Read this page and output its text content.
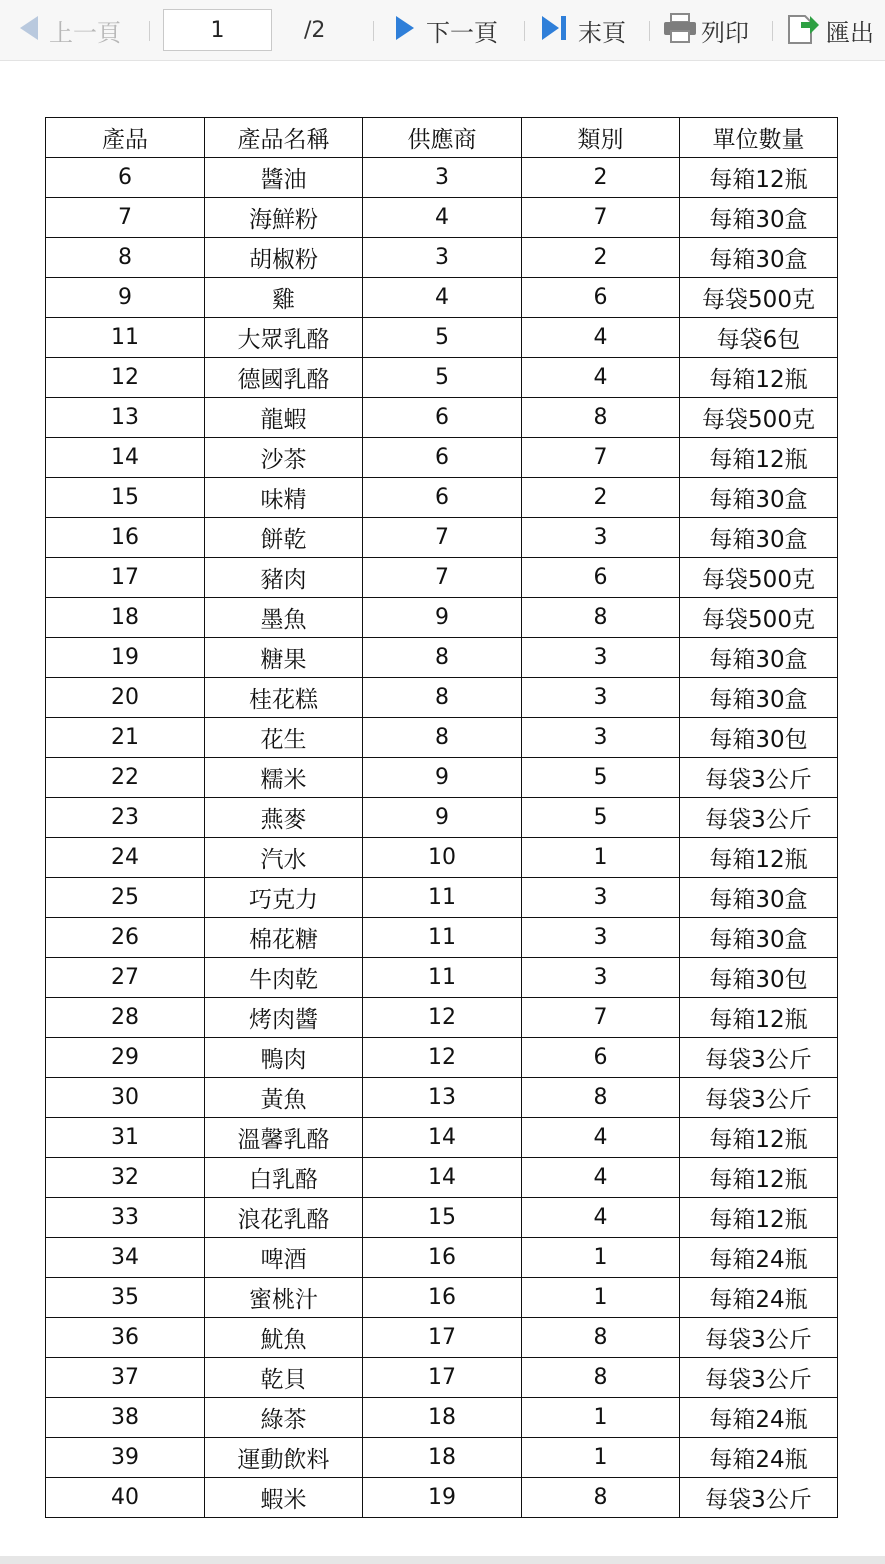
上一頁
1	/2	下一頁	末頁	列印	匯出
產品	產品名稱	供應商	類別	單位數量
6	醬油	3	2	每箱12瓶
7	海鮮粉	4	7	每箱30盒
8	胡椒粉	3	2	每箱30盒
9	雞	4	6	每袋500克
11	大眾乳酪	5	4	每袋6包
12	德國乳酪	5	4	每箱12瓶
13	龍蝦	6	8	每袋500克
14	沙茶	6	7	每箱12瓶
15	味精	6	2	每箱30盒
16	餅乾	7	3	每箱30盒
17	豬肉	7	6	每袋500克
18	墨魚	9	8	每袋500克
19	糖果	8	3	每箱30盒
20	桂花糕	8	3	每箱30盒
21	花生	8	3	每箱30包
22	糯米	9	5	每袋3公斤
23	燕麥	9	5	每袋3公斤
24	汽水	10	1	每箱12瓶
25	巧克力	11	3	每箱30盒
26	棉花糖	11	3	每箱30盒
27	牛肉乾	11	3	每箱30包
28	烤肉醬	12	7	每箱12瓶
29	鴨肉	12	6	每袋3公斤
30	黃魚	13	8	每袋3公斤
31	溫馨乳酪	14	4	每箱12瓶
32	白乳酪	14	4	每箱12瓶
33	浪花乳酪	15	4	每箱12瓶
34	啤酒	16	1	每箱24瓶
35	蜜桃汁	16	1	每箱24瓶
36	魷魚	17	8	每袋3公斤
37	乾貝	17	8	每袋3公斤
38	綠茶	18	1	每箱24瓶
39	運動飲料	18	1	每箱24瓶
40	蝦米	19	8	每袋3公斤
